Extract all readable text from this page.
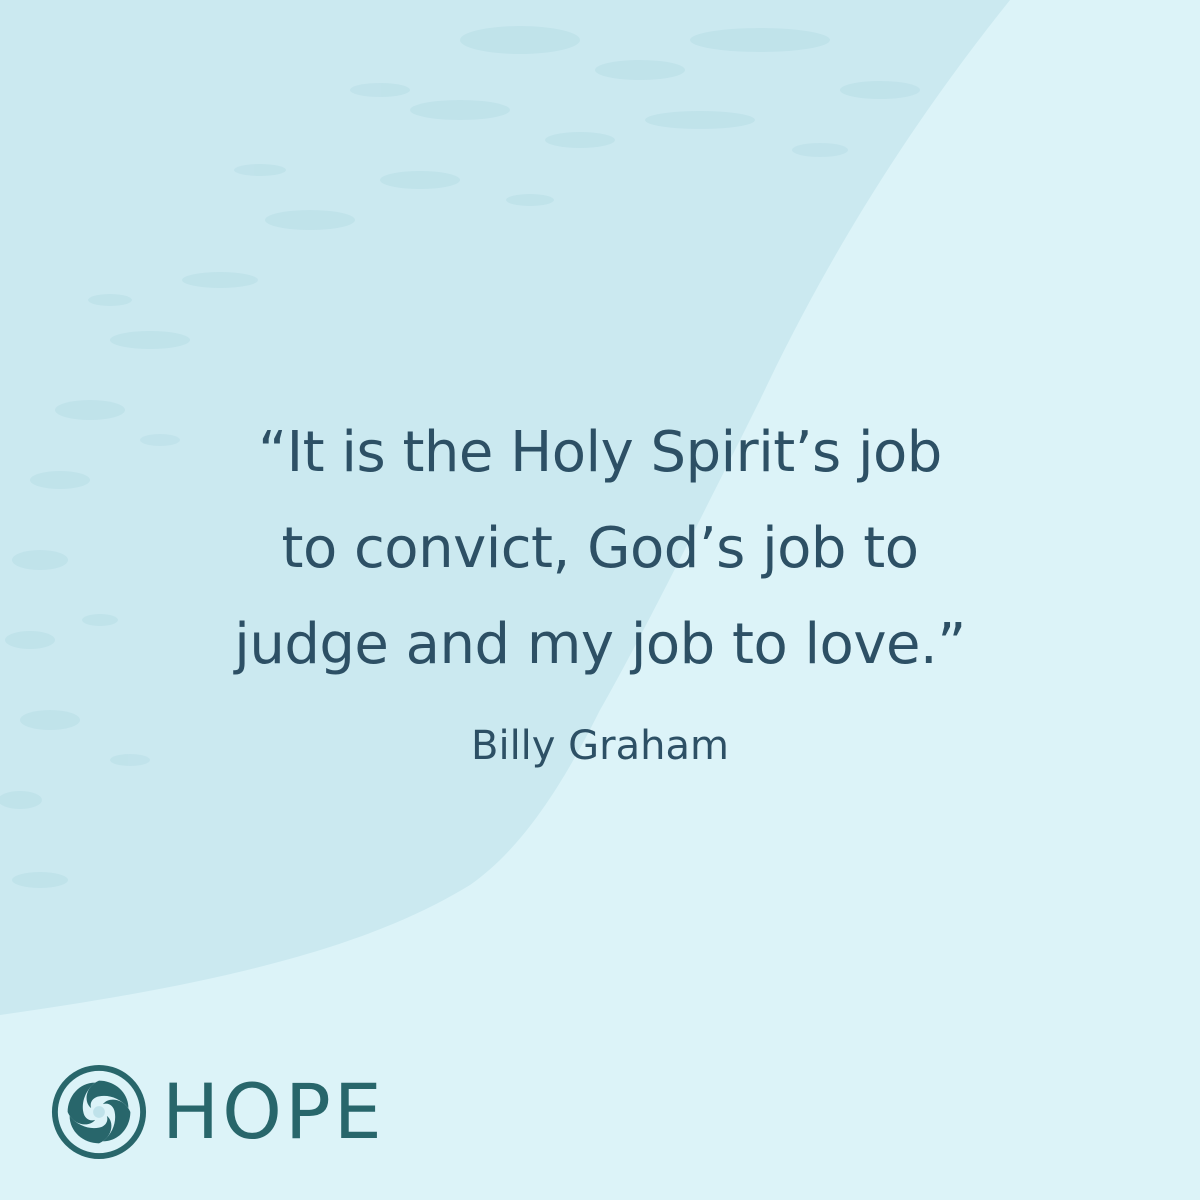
“It is the Holy Spirit’s job
to convict, God’s job to
judge and my job to love.”
Billy Graham
HOPE
